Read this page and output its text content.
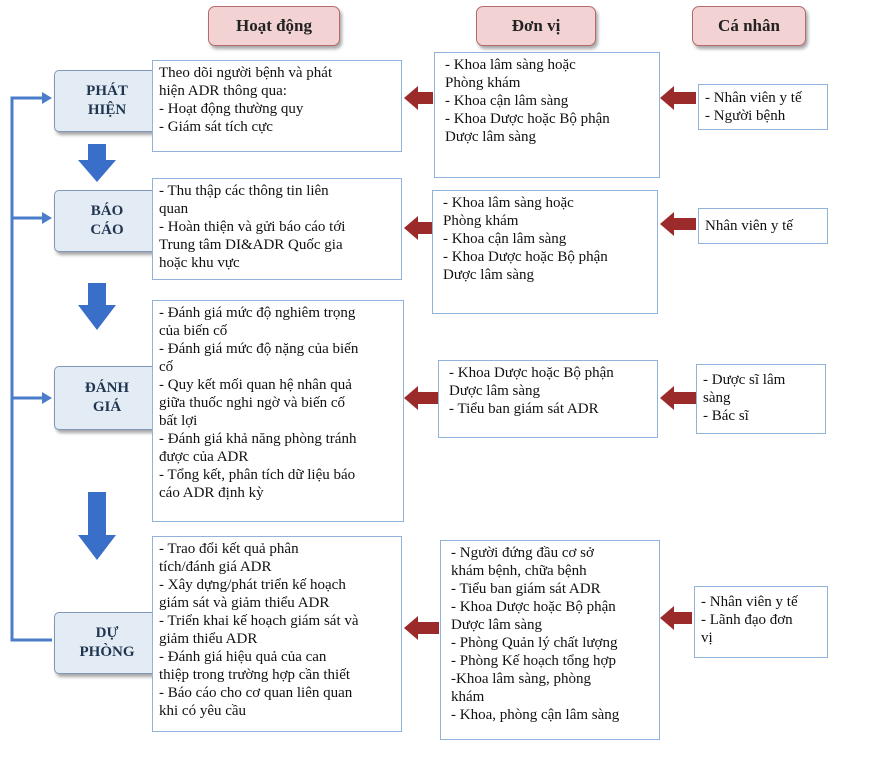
Hoạt động	Đơn vị	Cá nhân
PHÁT
HIỆN
BÁO
CÁO
ĐÁNH
GIÁ
DỰ
PHÒNG
Theo dõi người bệnh và phát
hiện ADR thông qua:
- Hoạt động thường quy
- Giám sát tích cực
- Thu thập các thông tin liên
quan
- Hoàn thiện và gửi báo cáo tới
Trung tâm DI&ADR Quốc gia
hoặc khu vực
- Đánh giá mức độ nghiêm trọng
của biến cố
- Đánh giá mức độ nặng của biến
cố
- Quy kết mối quan hệ nhân quả
giữa thuốc nghi ngờ và biến cố
bất lợi
- Đánh giá khả năng phòng tránh
được của ADR
- Tổng kết, phân tích dữ liệu báo
cáo ADR định kỳ
- Trao đổi kết quả phân
tích/đánh giá ADR
- Xây dựng/phát triển kế hoạch
giám sát và giảm thiểu ADR
- Triển khai kế hoạch giám sát và
giảm thiểu ADR
- Đánh giá hiệu quả của can
thiệp trong trường hợp cần thiết
- Báo cáo cho cơ quan liên quan
khi có yêu cầu
- Khoa lâm sàng hoặc
Phòng khám
- Khoa cận lâm sàng
- Khoa Dược hoặc Bộ phận
Dược lâm sàng
- Khoa lâm sàng hoặc
Phòng khám
- Khoa cận lâm sàng
- Khoa Dược hoặc Bộ phận
Dược lâm sàng
- Khoa Dược hoặc Bộ phận
Dược lâm sàng
- Tiểu ban giám sát ADR
- Người đứng đầu cơ sở
khám bệnh, chữa bệnh
- Tiểu ban giám sát ADR
- Khoa Dược hoặc Bộ phận
Dược lâm sàng
- Phòng Quản lý chất lượng
- Phòng Kế hoạch tổng hợp
-Khoa lâm sàng, phòng
khám
- Khoa, phòng cận lâm sàng
- Nhân viên y tế
- Người bệnh
Nhân viên y tế
- Dược sĩ lâm
sàng
- Bác sĩ
- Nhân viên y tế
- Lãnh đạo đơn
vị
